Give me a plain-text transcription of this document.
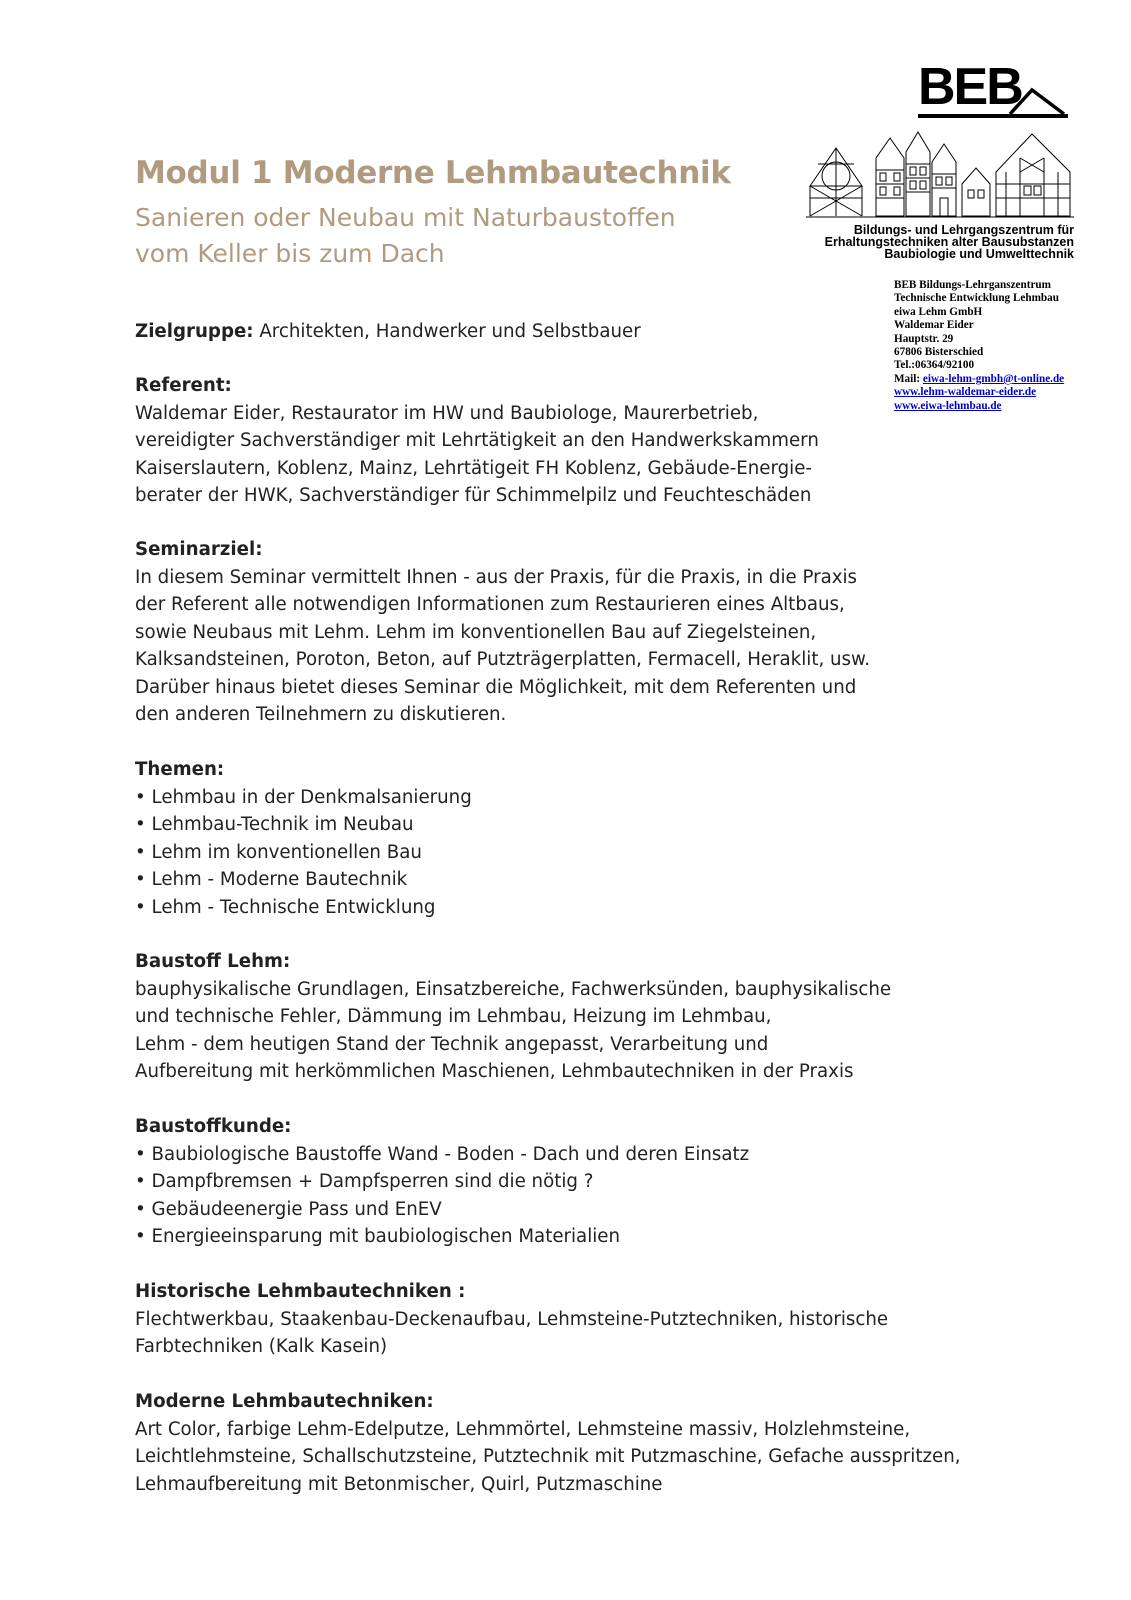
BEB
Bildungs- und Lehrgangszentrum für
Erhaltungstechniken alter Bausubstanzen
Baubiologie und Umwelttechnik
BEB Bildungs-Lehrganszentrum
Technische Entwicklung Lehmbau
eiwa Lehm GmbH
Waldemar Eider
Hauptstr. 29
67806 Bisterschied
Tel.:06364/92100
Mail: eiwa-lehm-gmbh@t-online.de
www.lehm-waldemar-eider.de
www.eiwa-lehmbau.de
Modul 1 Moderne Lehmbautechnik
Sanieren oder Neubau mit Naturbaustoffen
vom Keller bis zum Dach
Zielgruppe: Architekten, Handwerker und Selbstbauer
Referent:
Waldemar Eider, Restaurator im HW und Baubiologe, Maurerbetrieb,
vereidigter Sachverständiger mit Lehrtätigkeit an den Handwerkskammern
Kaiserslautern, Koblenz, Mainz, Lehrtätigeit FH Koblenz, Gebäude-Energie-
berater der HWK, Sachverständiger für Schimmelpilz und Feuchteschäden
Seminarziel:
In diesem Seminar vermittelt Ihnen - aus der Praxis, für die Praxis, in die Praxis
der Referent alle notwendigen Informationen zum Restaurieren eines Altbaus,
sowie Neubaus mit Lehm. Lehm im konventionellen Bau auf Ziegelsteinen,
Kalksandsteinen, Poroton, Beton, auf Putzträgerplatten, Fermacell, Heraklit, usw.
Darüber hinaus bietet dieses Seminar die Möglichkeit, mit dem Referenten und
den anderen Teilnehmern zu diskutieren.
Themen:
• Lehmbau in der Denkmalsanierung
• Lehmbau-Technik im Neubau
• Lehm im konventionellen Bau
• Lehm - Moderne Bautechnik
• Lehm - Technische Entwicklung
Baustoff Lehm:
bauphysikalische Grundlagen, Einsatzbereiche, Fachwerksünden, bauphysikalische
und technische Fehler, Dämmung im Lehmbau, Heizung im Lehmbau,
Lehm - dem heutigen Stand der Technik angepasst, Verarbeitung und
Aufbereitung mit herkömmlichen Maschienen, Lehmbautechniken in der Praxis
Baustoffkunde:
• Baubiologische Baustoffe Wand - Boden - Dach und deren Einsatz
• Dampfbremsen + Dampfsperren sind die nötig ?
• Gebäudeenergie Pass und EnEV
• Energieeinsparung mit baubiologischen Materialien
Historische Lehmbautechniken :
Flechtwerkbau, Staakenbau-Deckenaufbau, Lehmsteine-Putztechniken, historische
Farbtechniken (Kalk Kasein)
Moderne Lehmbautechniken:
Art Color, farbige Lehm-Edelputze, Lehmmörtel, Lehmsteine massiv, Holzlehmsteine,
Leichtlehmsteine, Schallschutzsteine, Putztechnik mit Putzmaschine, Gefache ausspritzen,
Lehmaufbereitung mit Betonmischer, Quirl, Putzmaschine
